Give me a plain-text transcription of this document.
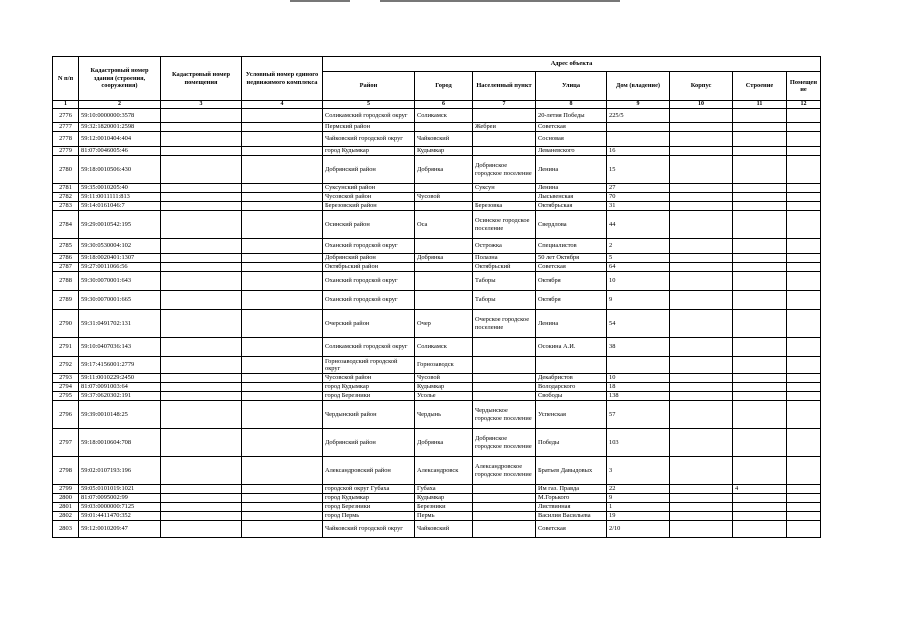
N п/п	Кадастровый номер здания (строения, сооружения)	Кадастровый номер помещения	Условный номер единого недвижимого комплекса	Адрес объекта							
				Район	Город	Населенный пункт	Улица	Дом (владение)	Корпус	Строение	Помещение
1	2	3	4	5	6	7	8	9	10	11	12
2776	59:10:0000000:3578			Соликамский городской округ	Соликамск		20-летия Победы	225/5			
2777	59:32:1820001:2598			Пермский район		Жебреи	Советская				
2778	59:12:0010404:404			Чайковский городской округ	Чайковский		Сосновая				
2779	81:07:0046005:46			город Кудымкар	Кудымкар		Леваневского	16			
2780	59:18:0010506:430			Добрянский район	Добрянка	Добрянское городское поселение	Ленина	15			
2781	59:35:0010205:40			Суксунский район		Суксун	Ленина	27			
2782	59:11:0011111:813			Чусовской район	Чусовой		Лысьвенская	70			
2783	59:14:0161046:7			Березовский район		Березовка	Октябрьская	31			
2784	59:29:0010542:195			Осинский район	Оса	Осинское городское поселение	Свердлова	44			
2785	59:30:0530004:102			Оханский городской округ		Острожка	Специалистов	2			
2786	59:18:0020401:1307			Добрянский район	Добрянка	Полазна	50 лет Октября	5			
2787	59:27:0011066:56			Октябрьский район		Октябрьский	Советская	64			
2788	59:30:0070001:643			Оханский городской округ		Таборы	Октября	10			
2789	59:30:0070001:665			Оханский городской округ		Таборы	Октября	9			
2790	59:31:0491702:131			Очерский район	Очер	Очерское городское поселение	Ленина	54			
2791	59:10:0407036:143			Соликамский городской округ	Соликамск		Осокина А.И.	38			
2792	59:17:4156001:2779			Горнозаводский городской округ	Горнозаводск						
2793	59:11:0010229:2450			Чусовской район	Чусовой		Декабристов	10			
2794	81:07:0091003:64			город Кудымкар	Кудымкар		Володарского	18			
2795	59:37:0620302:191			город Березники	Усолье		Свободы	138			
2796	59:39:0010148:25			Чердынский район	Чердынь	Чердынское городское поселение	Успенская	57			
2797	59:18:0010604:708			Добрянский район	Добрянка	Добрянское городское поселение	Победы	103			
2798	59:02:0107193:196			Александровский район	Александровск	Александровское городское поселение	Братьев Давыдовых	3			
2799	59:05:0101019:1021			городской округ Губаха	Губаха		Им газ. Правда	22		4	
2800	81:07:0095002:99			город Кудымкар	Кудымкар		М.Горького	9			
2801	59:03:0000000:7125			город Березники	Березники		Листвинная	1			
2802	59:01:4411470:352			город Пермь	Пермь		Василия Васильева	19			
2803	59:12:0010209:47			Чайковский городской округ	Чайковский		Советская	2/10			
